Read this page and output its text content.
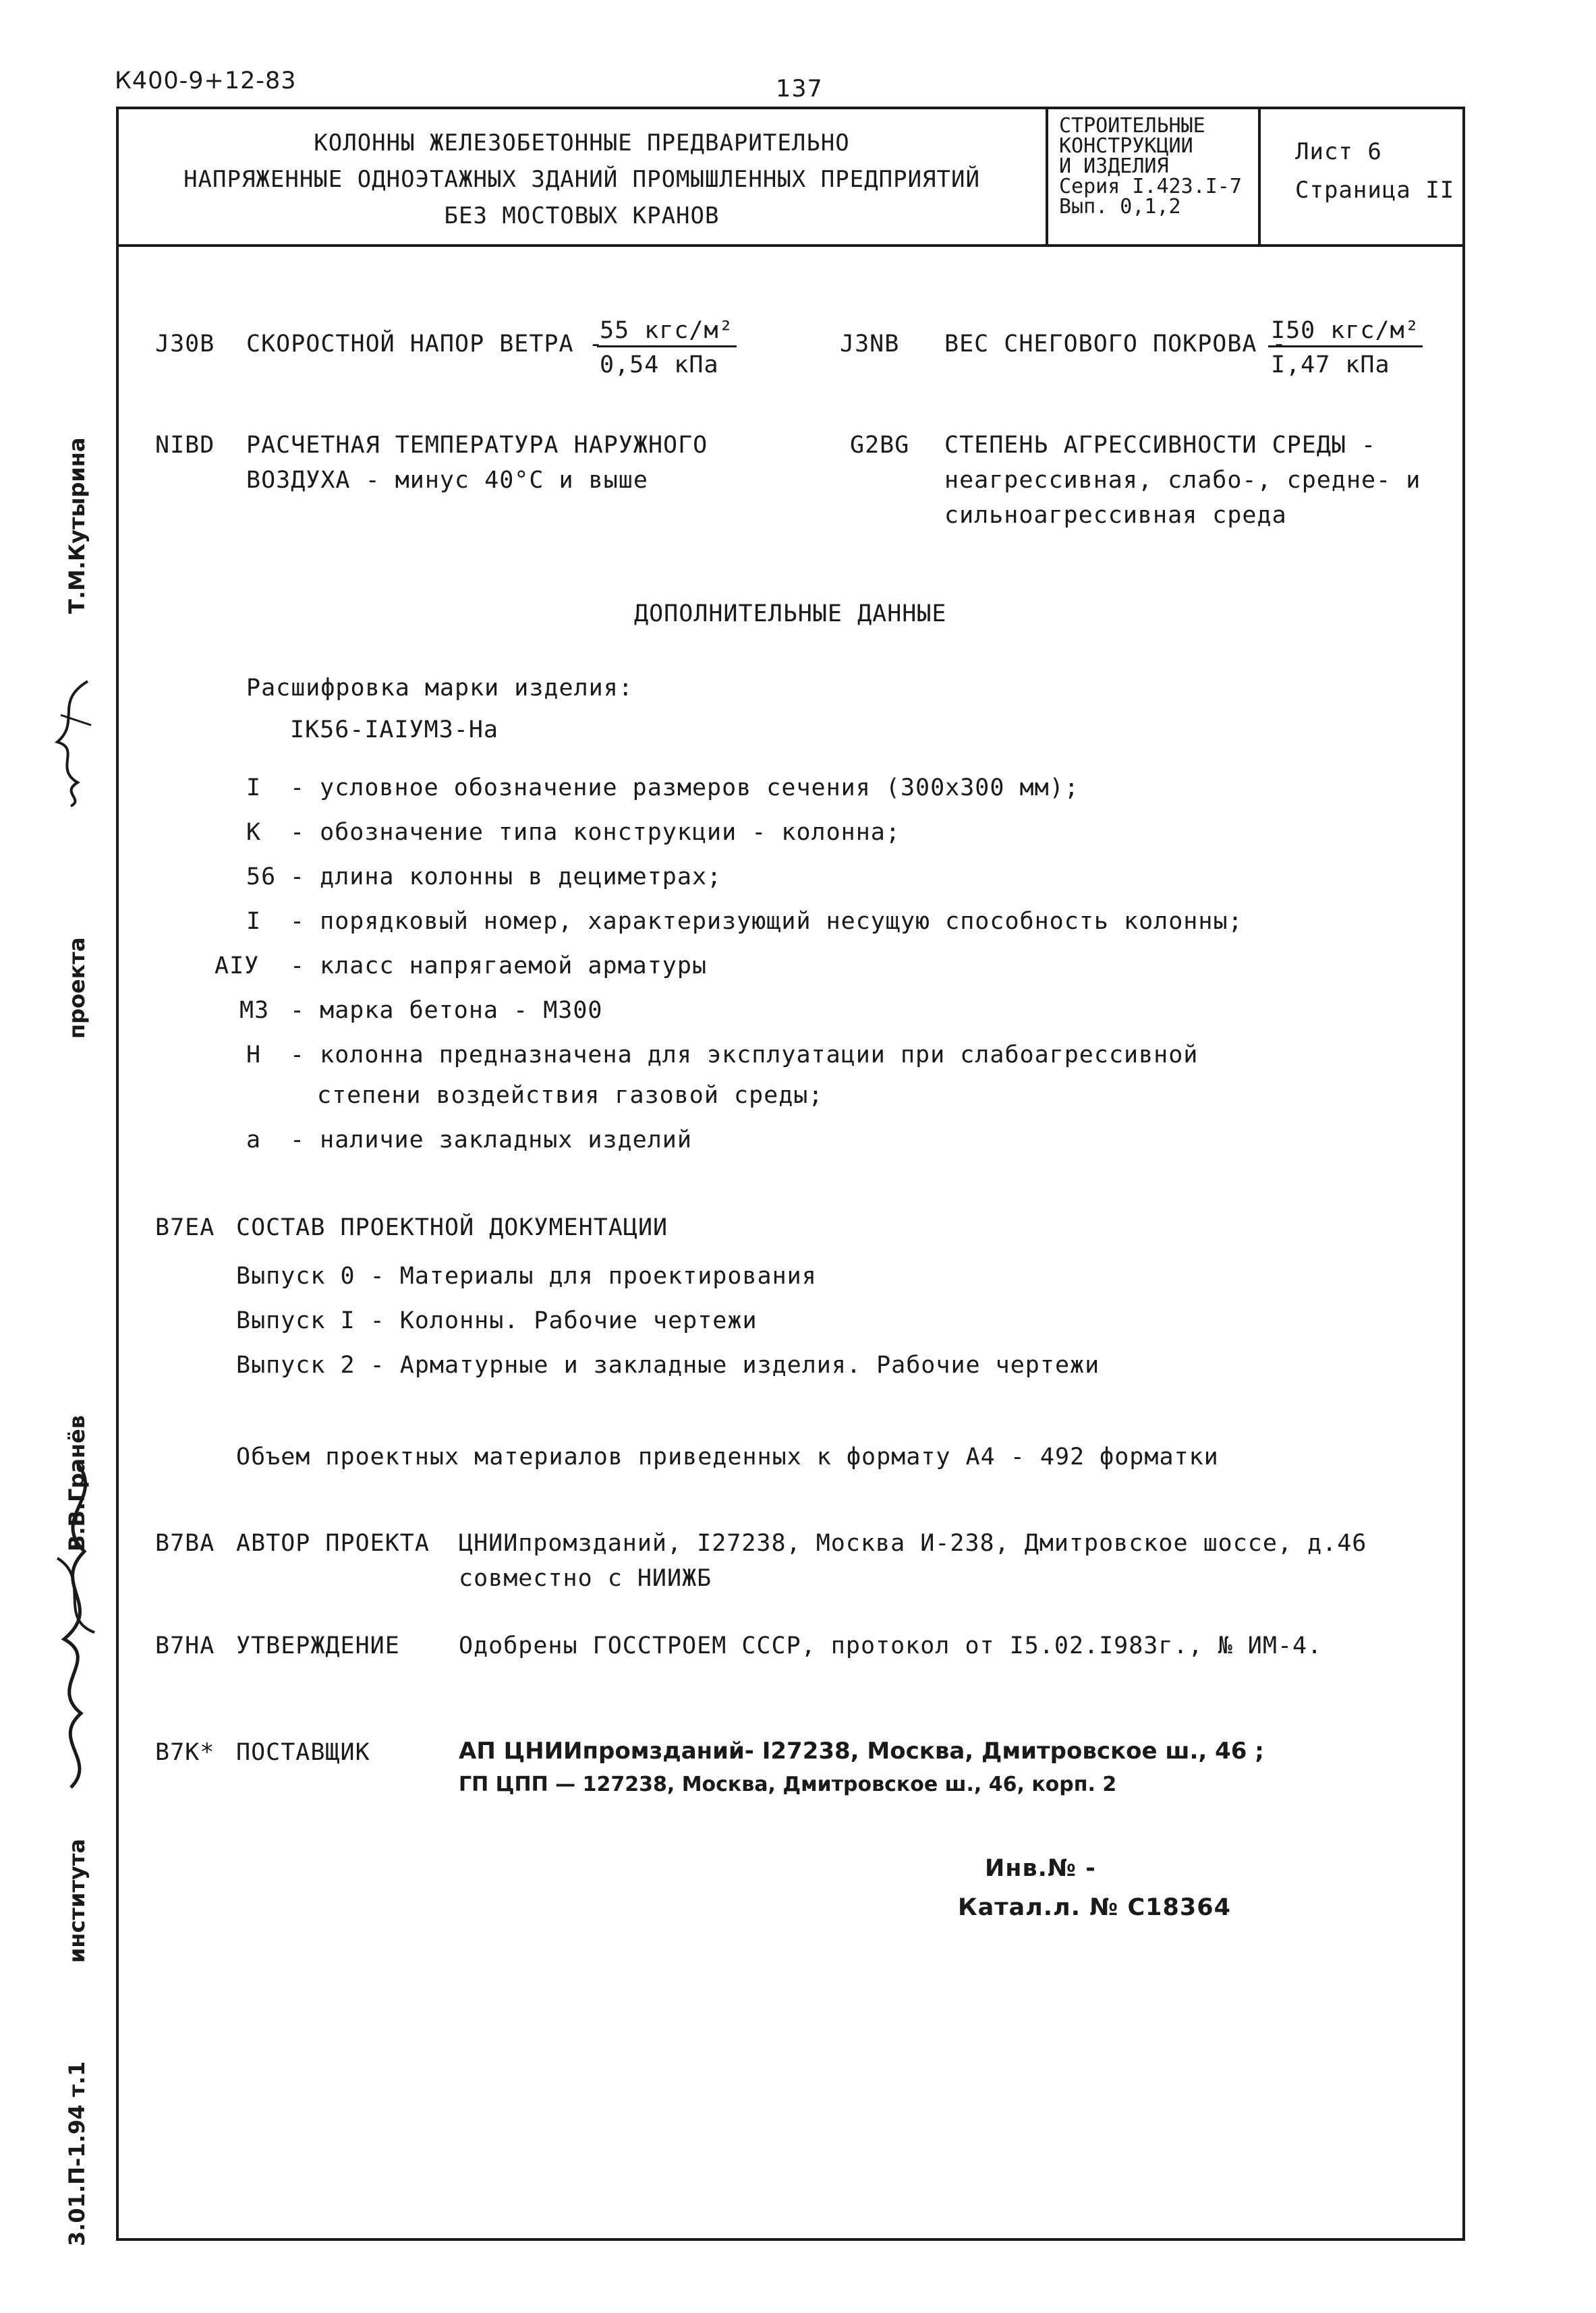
К400-9+12-83	137
КОЛОННЫ ЖЕЛЕЗОБЕТОННЫЕ ПРЕДВАРИТЕЛЬНО
НАПРЯЖЕННЫЕ ОДНОЭТАЖНЫХ ЗДАНИЙ ПРОМЫШЛЕННЫХ ПРЕДПРИЯТИЙ
БЕЗ МОСТОВЫХ КРАНОВ
СТРОИТЕЛЬНЫЕ
КОНСТРУКЦИИ
И ИЗДЕЛИЯ
Серия I.423.I-7
Вып. 0,1,2
Лист 6
Страница II
J30B СКОРОСТНОЙ НАПОР ВЕТРА -
55 кгс/м²
0,54 кПа
J3NB ВЕС СНЕГОВОГО ПОКРОВА -
I50 кгс/м²
I,47 кПа
NIBD РАСЧЕТНАЯ ТЕМПЕРАТУРА НАРУЖНОГО
ВОЗДУХА - минус 40°С и выше
G2BG СТЕПЕНЬ АГРЕССИВНОСТИ СРЕДЫ -
неагрессивная, слабо-, средне- и
сильноагрессивная среда
ДОПОЛНИТЕЛЬНЫЕ ДАННЫЕ
Расшифровка марки изделия:
IК56-IАIУМ3-На
I - условное обозначение размеров сечения (300х300 мм);
К - обозначение типа конструкции - колонна;
56 - длина колонны в дециметрах;
I - порядковый номер, характеризующий несущую способность колонны;
АIУ - класс напрягаемой арматуры
М3 - марка бетона - М300
Н - колонна предназначена для эксплуатации при слабоагрессивной
степени воздействия газовой среды;
а - наличие закладных изделий
B7EA СОСТАВ ПРОЕКТНОЙ ДОКУМЕНТАЦИИ
Выпуск 0 - Материалы для проектирования
Выпуск I - Колонны. Рабочие чертежи
Выпуск 2 - Арматурные и закладные изделия. Рабочие чертежи
Объем проектных материалов приведенных к формату А4 - 492 форматки
B7BA АВТОР ПРОЕКТА ЦНИИпромзданий, I27238, Москва И-238, Дмитровское шоссе, д.46
совместно с НИИЖБ
B7HA УТВЕРЖДЕНИЕ Одобрены ГОССТРОЕМ СССР, протокол от I5.02.I983г., № ИМ-4.
B7K* ПОСТАВЩИК	АП ЦНИИпромзданий- I27238, Москва, Дмитровское ш., 46 ;
ГП ЦПП — 127238, Москва, Дмитровское ш., 46, корп. 2
Инв.№ -
Катал.л. № С18364
Т.М.Кутырина
проекта
В.В.Гранёв
института
3.01.П-1.94 т.1
